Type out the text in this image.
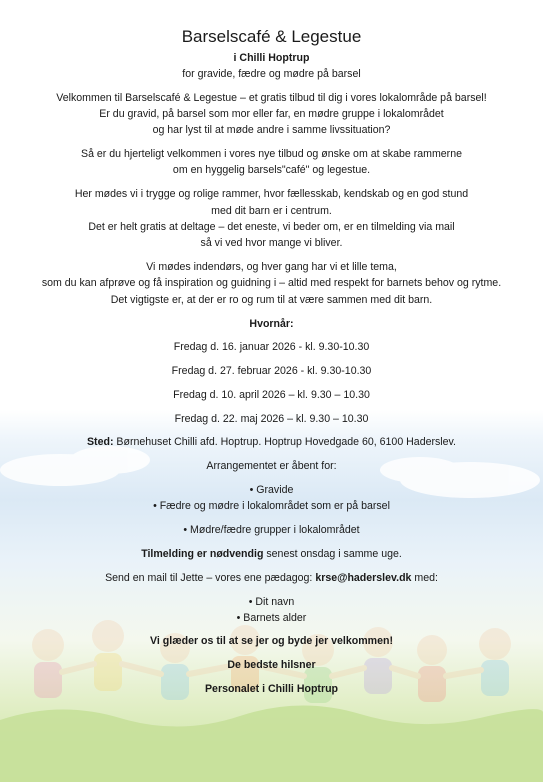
Barselscafé & Legestue
i Chilli Hoptrup
for gravide, fædre og mødre på barsel
Velkommen til Barselscafé & Legestue – et gratis tilbud til dig i vores lokalområde på barsel!
Er du gravid, på barsel som mor eller far, en mødre gruppe i lokalområdet
og har lyst til at møde andre i samme livssituation?
Så er du hjerteligt velkommen i vores nye tilbud og ønske om at skabe rammerne
om en hyggelig barsels"café" og legestue.
Her mødes vi i trygge og rolige rammer, hvor fællesskab, kendskab og en god stund
med dit barn er i centrum.
Det er helt gratis at deltage – det eneste, vi beder om, er en tilmelding via mail
så vi ved hvor mange vi bliver.
Vi mødes indendørs, og hver gang har vi et lille tema,
som du kan afprøve og få inspiration og guidning i – altid med respekt for barnets behov og rytme.
Det vigtigste er, at der er ro og rum til at være sammen med dit barn.
Hvornår:
Fredag d. 16. januar 2026 - kl. 9.30-10.30
Fredag d. 27. februar 2026 - kl. 9.30-10.30
Fredag d. 10. april 2026 – kl. 9.30 – 10.30
Fredag d. 22. maj 2026 – kl. 9.30 – 10.30
Sted: Børnehuset Chilli afd. Hoptrup. Hoptrup Hovedgade 60, 6100 Haderslev.
Arrangementet er åbent for:
• Gravide
• Fædre og mødre i lokalområdet som er på barsel
• Mødre/fædre grupper i lokalområdet
Tilmelding er nødvendig senest onsdag i samme uge.
Send en mail til Jette – vores ene pædagog: krse@haderslev.dk med:
• Dit navn
• Barnets alder
Vi glæder os til at se jer og byde jer velkommen!
De bedste hilsner
Personalet i Chilli Hoptrup
